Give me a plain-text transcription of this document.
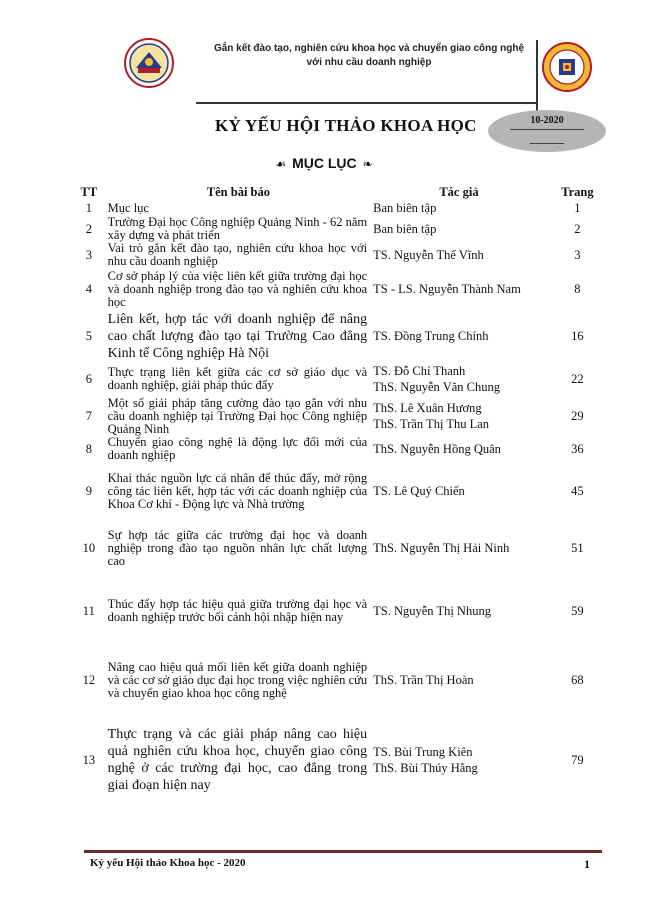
Gắn kết đào tạo, nghiên cứu khoa học và chuyển giao công nghệ
với nhu cầu doanh nghiệp
KỶ YẾU HỘI THẢO KHOA HỌC	10-2020
☙ MỤC LỤC ❧
TT	Tên bài báo	Tác giả	Trang
1	Mục lục	Ban biên tập	1
2	Trường Đại học Công nghiệp Quảng Ninh - 62 năm xây dựng và phát triển	Ban biên tập	2
3	Vai trò gắn kết đào tạo, nghiên cứu khoa học với nhu cầu doanh nghiệp	TS. Nguyễn Thế Vĩnh	3
4	Cơ sở pháp lý của việc liên kết giữa trường đại học và doanh nghiệp trong đào tạo và nghiên cứu khoa học	TS - LS. Nguyễn Thành Nam	8
5	Liên kết, hợp tác với doanh nghiệp để nâng cao chất lượng đào tạo tại Trường Cao đẳng Kinh tế Công nghiệp Hà Nội	TS. Đồng Trung Chính	16
6	Thực trạng liên kết giữa các cơ sở giáo dục và doanh nghiệp, giải pháp thúc đẩy	TS. Đỗ Chí Thanh
ThS. Nguyễn Văn Chung	22
7	Một số giải pháp tăng cường đào tạo gắn với nhu cầu doanh nghiệp tại Trường Đại học Công nghiệp Quảng Ninh	ThS. Lê Xuân Hương
ThS. Trần Thị Thu Lan	29
8	Chuyển giao công nghệ là động lực đổi mới của doanh nghiệp	ThS. Nguyễn Hồng Quân	36
9	Khai thác nguồn lực cá nhân để thúc đẩy, mở rộng công tác liên kết, hợp tác với các doanh nghiệp của Khoa Cơ khí - Động lực và Nhà trường	TS. Lê Quý Chiến	45
10	Sự hợp tác giữa các trường đại học và doanh nghiệp trong đào tạo nguồn nhân lực chất lượng cao	ThS. Nguyễn Thị Hải Ninh	51
11	Thúc đẩy hợp tác hiệu quả giữa trường đại học và doanh nghiệp trước bối cảnh hội nhập hiện nay	TS. Nguyễn Thị Nhung	59
12	Nâng cao hiệu quả mối liên kết giữa doanh nghiệp và các cơ sở giáo dục đại học trong việc nghiên cứu và chuyển giao khoa học công nghệ	ThS. Trần Thị Hoàn	68
13	Thực trạng và các giải pháp nâng cao hiệu quả nghiên cứu khoa học, chuyển giao công nghệ ở các trường đại học, cao đẳng trong giai đoạn hiện nay	TS. Bùi Trung Kiên
ThS. Bùi Thúy Hằng	79
Kỷ yếu Hội thảo Khoa học - 2020	1
